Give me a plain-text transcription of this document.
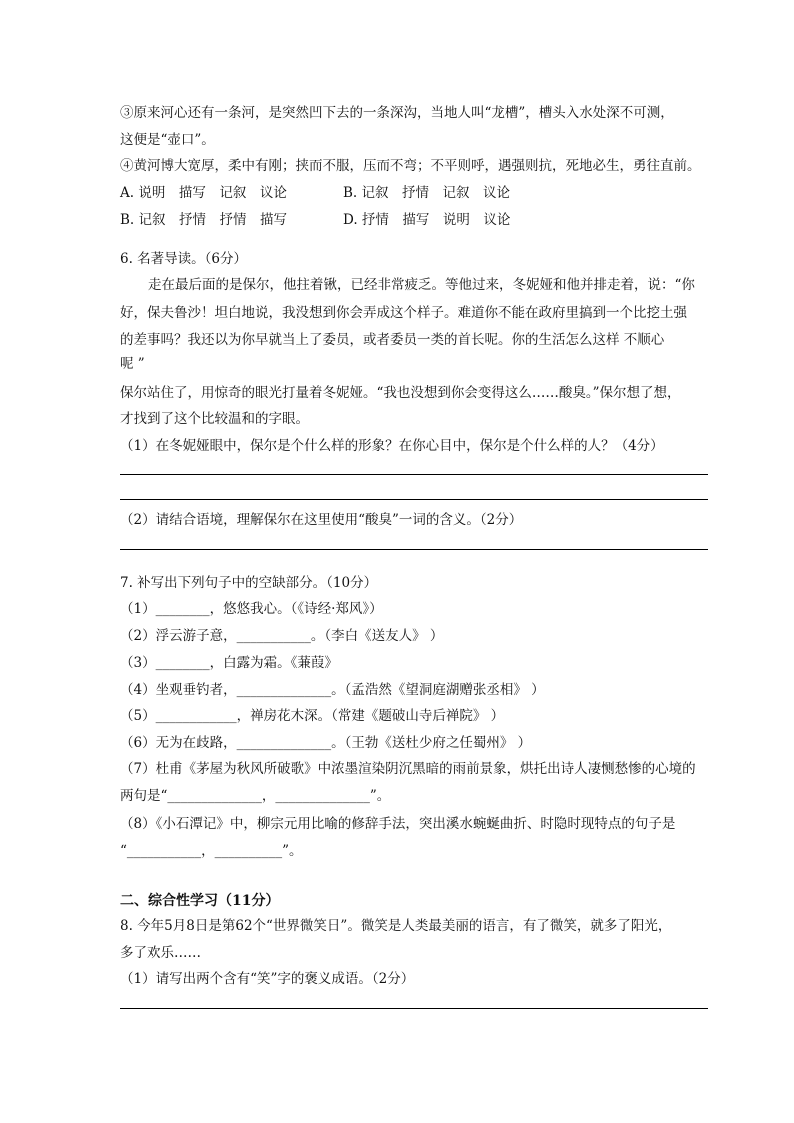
③原来河心还有一条河，是突然凹下去的一条深沟，当地人叫“龙槽”，槽头入水处深不可测，
这便是“壶口”。
④黄河博大宽厚，柔中有刚；挟而不服，压而不弯；不平则呼，遇强则抗，死地必生，勇往直前。
A. 说明　描写　记叙　议论	B. 记叙　抒情　记叙　议论
B. 记叙　抒情　抒情　描写	D. 抒情　描写　说明　议论
6. 名著导读。（6分）
走在最后面的是保尔，他拄着锹，已经非常疲乏。等他过来，冬妮娅和他并排走着，说：“你
好，保夫鲁沙！坦白地说，我没想到你会弄成这个样子。难道你不能在政府里搞到一个比挖土强
的差事吗？我还以为你早就当上了委员，或者委员一类的首长呢。你的生活怎么这样 不顺心
呢 ”
保尔站住了，用惊奇的眼光打量着冬妮娅。“我也没想到你会变得这么……酸臭。”保尔想了想，
才找到了这个比较温和的字眼。
（1）在冬妮娅眼中，保尔是个什么样的形象？在你心目中，保尔是个什么样的人？（4分）
（2）请结合语境，理解保尔在这里使用“酸臭”一词的含义。（2分）
7. 补写出下列句子中的空缺部分。（10分）
（1）________，悠悠我心。（《诗经·郑风》）
（2）浮云游子意，___________。（李白《送友人》 ）
（3）________，白露为霜。《蒹葭》
（4）坐观垂钓者，______________。（孟浩然《望洞庭湖赠张丞相》 ）
（5）____________，禅房花木深。（常建《题破山寺后禅院》 ）
（6）无为在歧路，______________。（王勃《送杜少府之任蜀州》 ）
（7）杜甫《茅屋为秋风所破歌》中浓墨渲染阴沉黑暗的雨前景象，烘托出诗人凄恻愁惨的心境的
两句是“______________，______________”。
（8）《小石潭记》中，柳宗元用比喻的修辞手法，突出溪水蜿蜒曲折、时隐时现特点的句子是
“___________，__________”。
二、综合性学习（11分）
8. 今年5月8日是第62个“世界微笑日”。微笑是人类最美丽的语言，有了微笑，就多了阳光，
多了欢乐……
（1）请写出两个含有“笑”字的褒义成语。（2分）
